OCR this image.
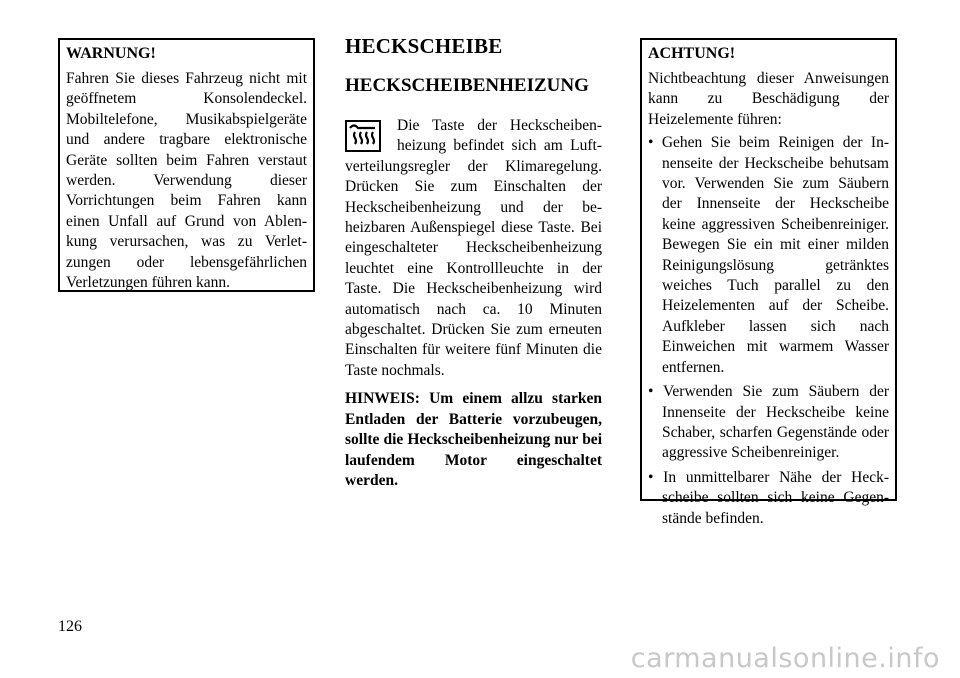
WARNUNG!

Fahren Sie dieses Fahrzeug nicht mit geöffnetem Konsolendeckel. Mobiltelefone, Musikabspielgeräte und andere tragbare elektronische Geräte sollten beim Fahren verstaut werden. Verwendung dieser Vorrichtungen beim Fahren kann einen Unfall auf Grund von Ablenkung verursachen, was zu Verletzungen oder lebensgefährlichen Verletzungen führen kann.

HECKSCHEIBE
HECKSCHEIBENHEIZUNG

Die Taste der Heckscheibenheizung befindet sich am Luftverteilungsregler der Klimaregelung. Drücken Sie zum Einschalten der Heckscheibenheizung und der beheizbaren Außenspiegel diese Taste. Bei eingeschalteter Heckscheibenheizung leuchtet eine Kontrollleuchte in der Taste. Die Heckscheibenheizung wird automatisch nach ca. 10 Minuten abgeschaltet. Drücken Sie zum erneuten Einschalten für weitere fünf Minuten die Taste nochmals.

HINWEIS: Um einem allzu starken Entladen der Batterie vorzubeugen, sollte die Heckscheibenheizung nur bei laufendem Motor eingeschaltet werden.

ACHTUNG!

Nichtbeachtung dieser Anweisungen kann zu Beschädigung der Heizelemente führen:

• Gehen Sie beim Reinigen der Innenseite der Heckscheibe behutsam vor. Verwenden Sie zum Säubern der Innenseite der Heckscheibe keine aggressiven Scheibenreiniger. Bewegen Sie ein mit einer milden Reinigungslösung getränktes weiches Tuch parallel zu den Heizelementen auf der Scheibe. Aufkleber lassen sich nach Einweichen mit warmem Wasser entfernen.
• Verwenden Sie zum Säubern der Innenseite der Heckscheibe keine Schaber, scharfen Gegenstände oder aggressive Scheibenreiniger.
• In unmittelbarer Nähe der Heckscheibe sollten sich keine Gegenstände befinden.
126
carmanualsonline.info
